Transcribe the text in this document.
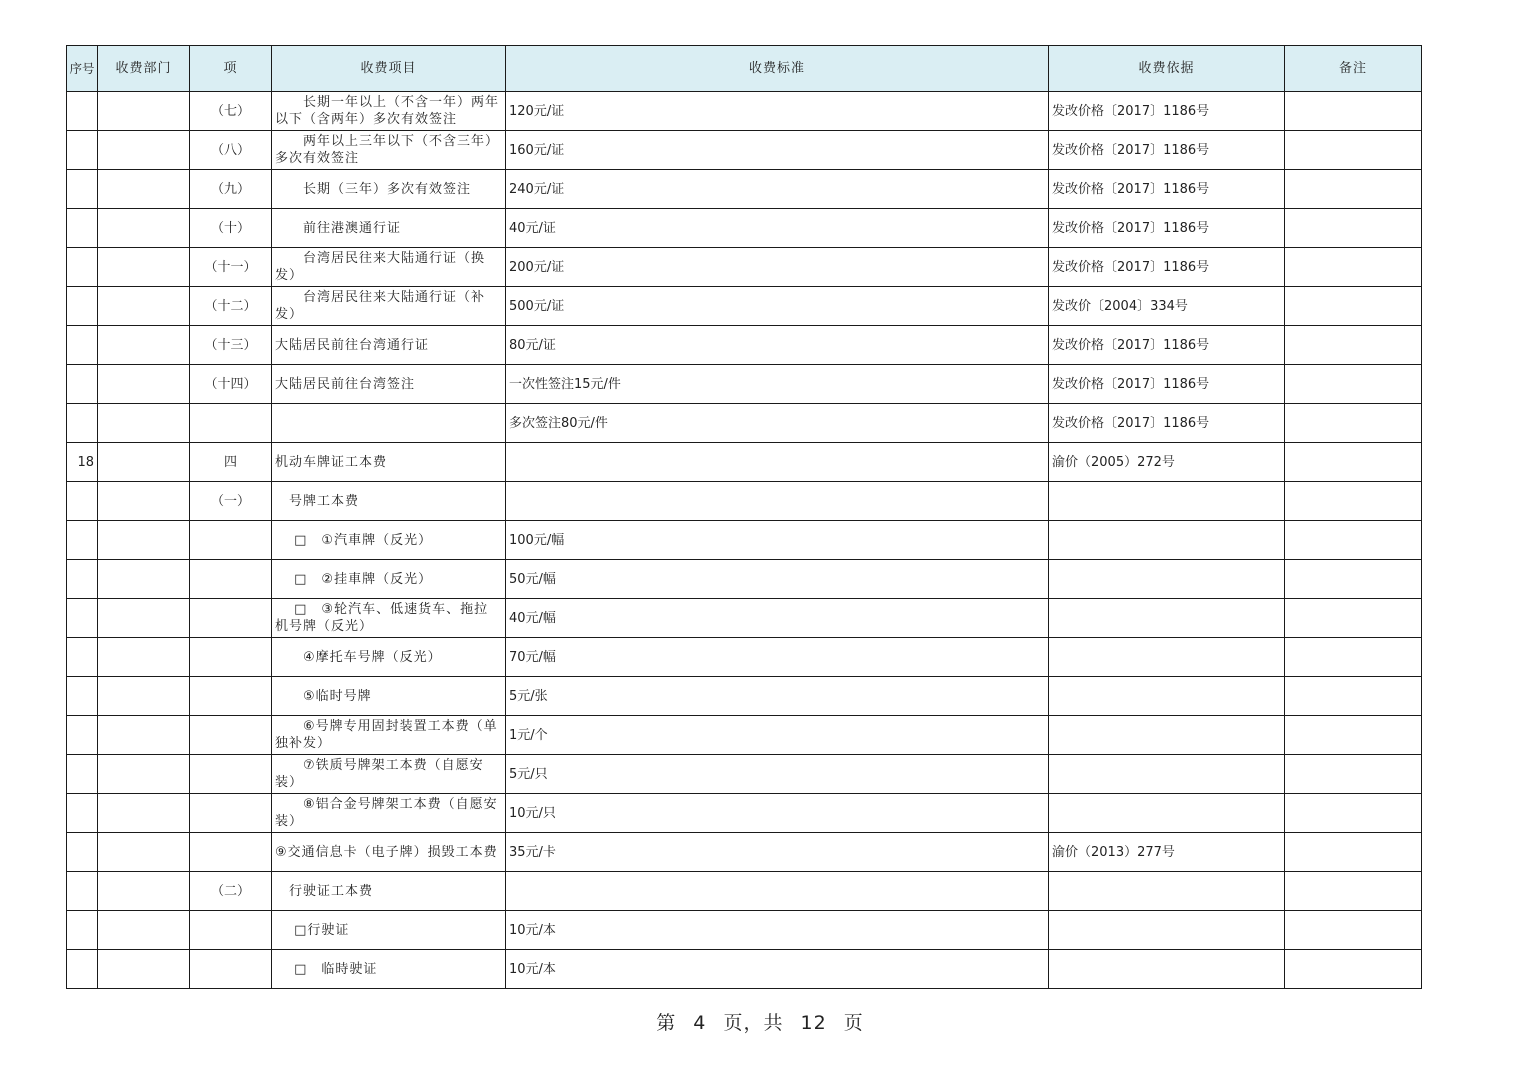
序号	收费部门	项	收费项目	收费标准	收费依据	备注
		（七）	　　长期一年以上（不含一年）两年以下（含两年）多次有效签注	120元/证	发改价格〔2017〕1186号	
		（八）	　　两年以上三年以下（不含三年）多次有效签注	160元/证	发改价格〔2017〕1186号	
		（九）	　　长期（三年）多次有效签注	240元/证	发改价格〔2017〕1186号	
		（十）	　　前往港澳通行证	40元/证	发改价格〔2017〕1186号	
		（十一）	　　台湾居民往来大陆通行证（换发）	200元/证	发改价格〔2017〕1186号	
		（十二）	　　台湾居民往来大陆通行证（补发）	500元/证	发改价〔2004〕334号	
		（十三）	大陆居民前往台湾通行证	80元/证	发改价格〔2017〕1186号	
		（十四）	大陆居民前往台湾签注	一次性签注15元/件	发改价格〔2017〕1186号	
				多次签注80元/件	发改价格〔2017〕1186号	
18		四	机动车牌证工本费		渝价（2005）272号	
		（一）	　号牌工本费			
			　 □　①汽車牌（反光）	100元/幅		
			　 □　②挂車牌（反光）	50元/幅		
			　 □　③轮汽车、低速货车、拖拉机号牌（反光）	40元/幅		
			　　④摩托车号牌（反光）	70元/幅		
			　　⑤临时号牌	5元/张		
			　　⑥号牌专用固封装置工本费（单独补发）	1元/个		
			　　⑦铁质号牌架工本费（自愿安装）	5元/只		
			　　⑧铝合金号牌架工本费（自愿安装）	10元/只		
			⑨交通信息卡（电子牌）损毁工本费	35元/卡	渝价（2013）277号	
		（二）	　行驶证工本费			
			　 □行驶证	10元/本		
			　 □　临時驶证	10元/本		
第 4 页，共 12 页
